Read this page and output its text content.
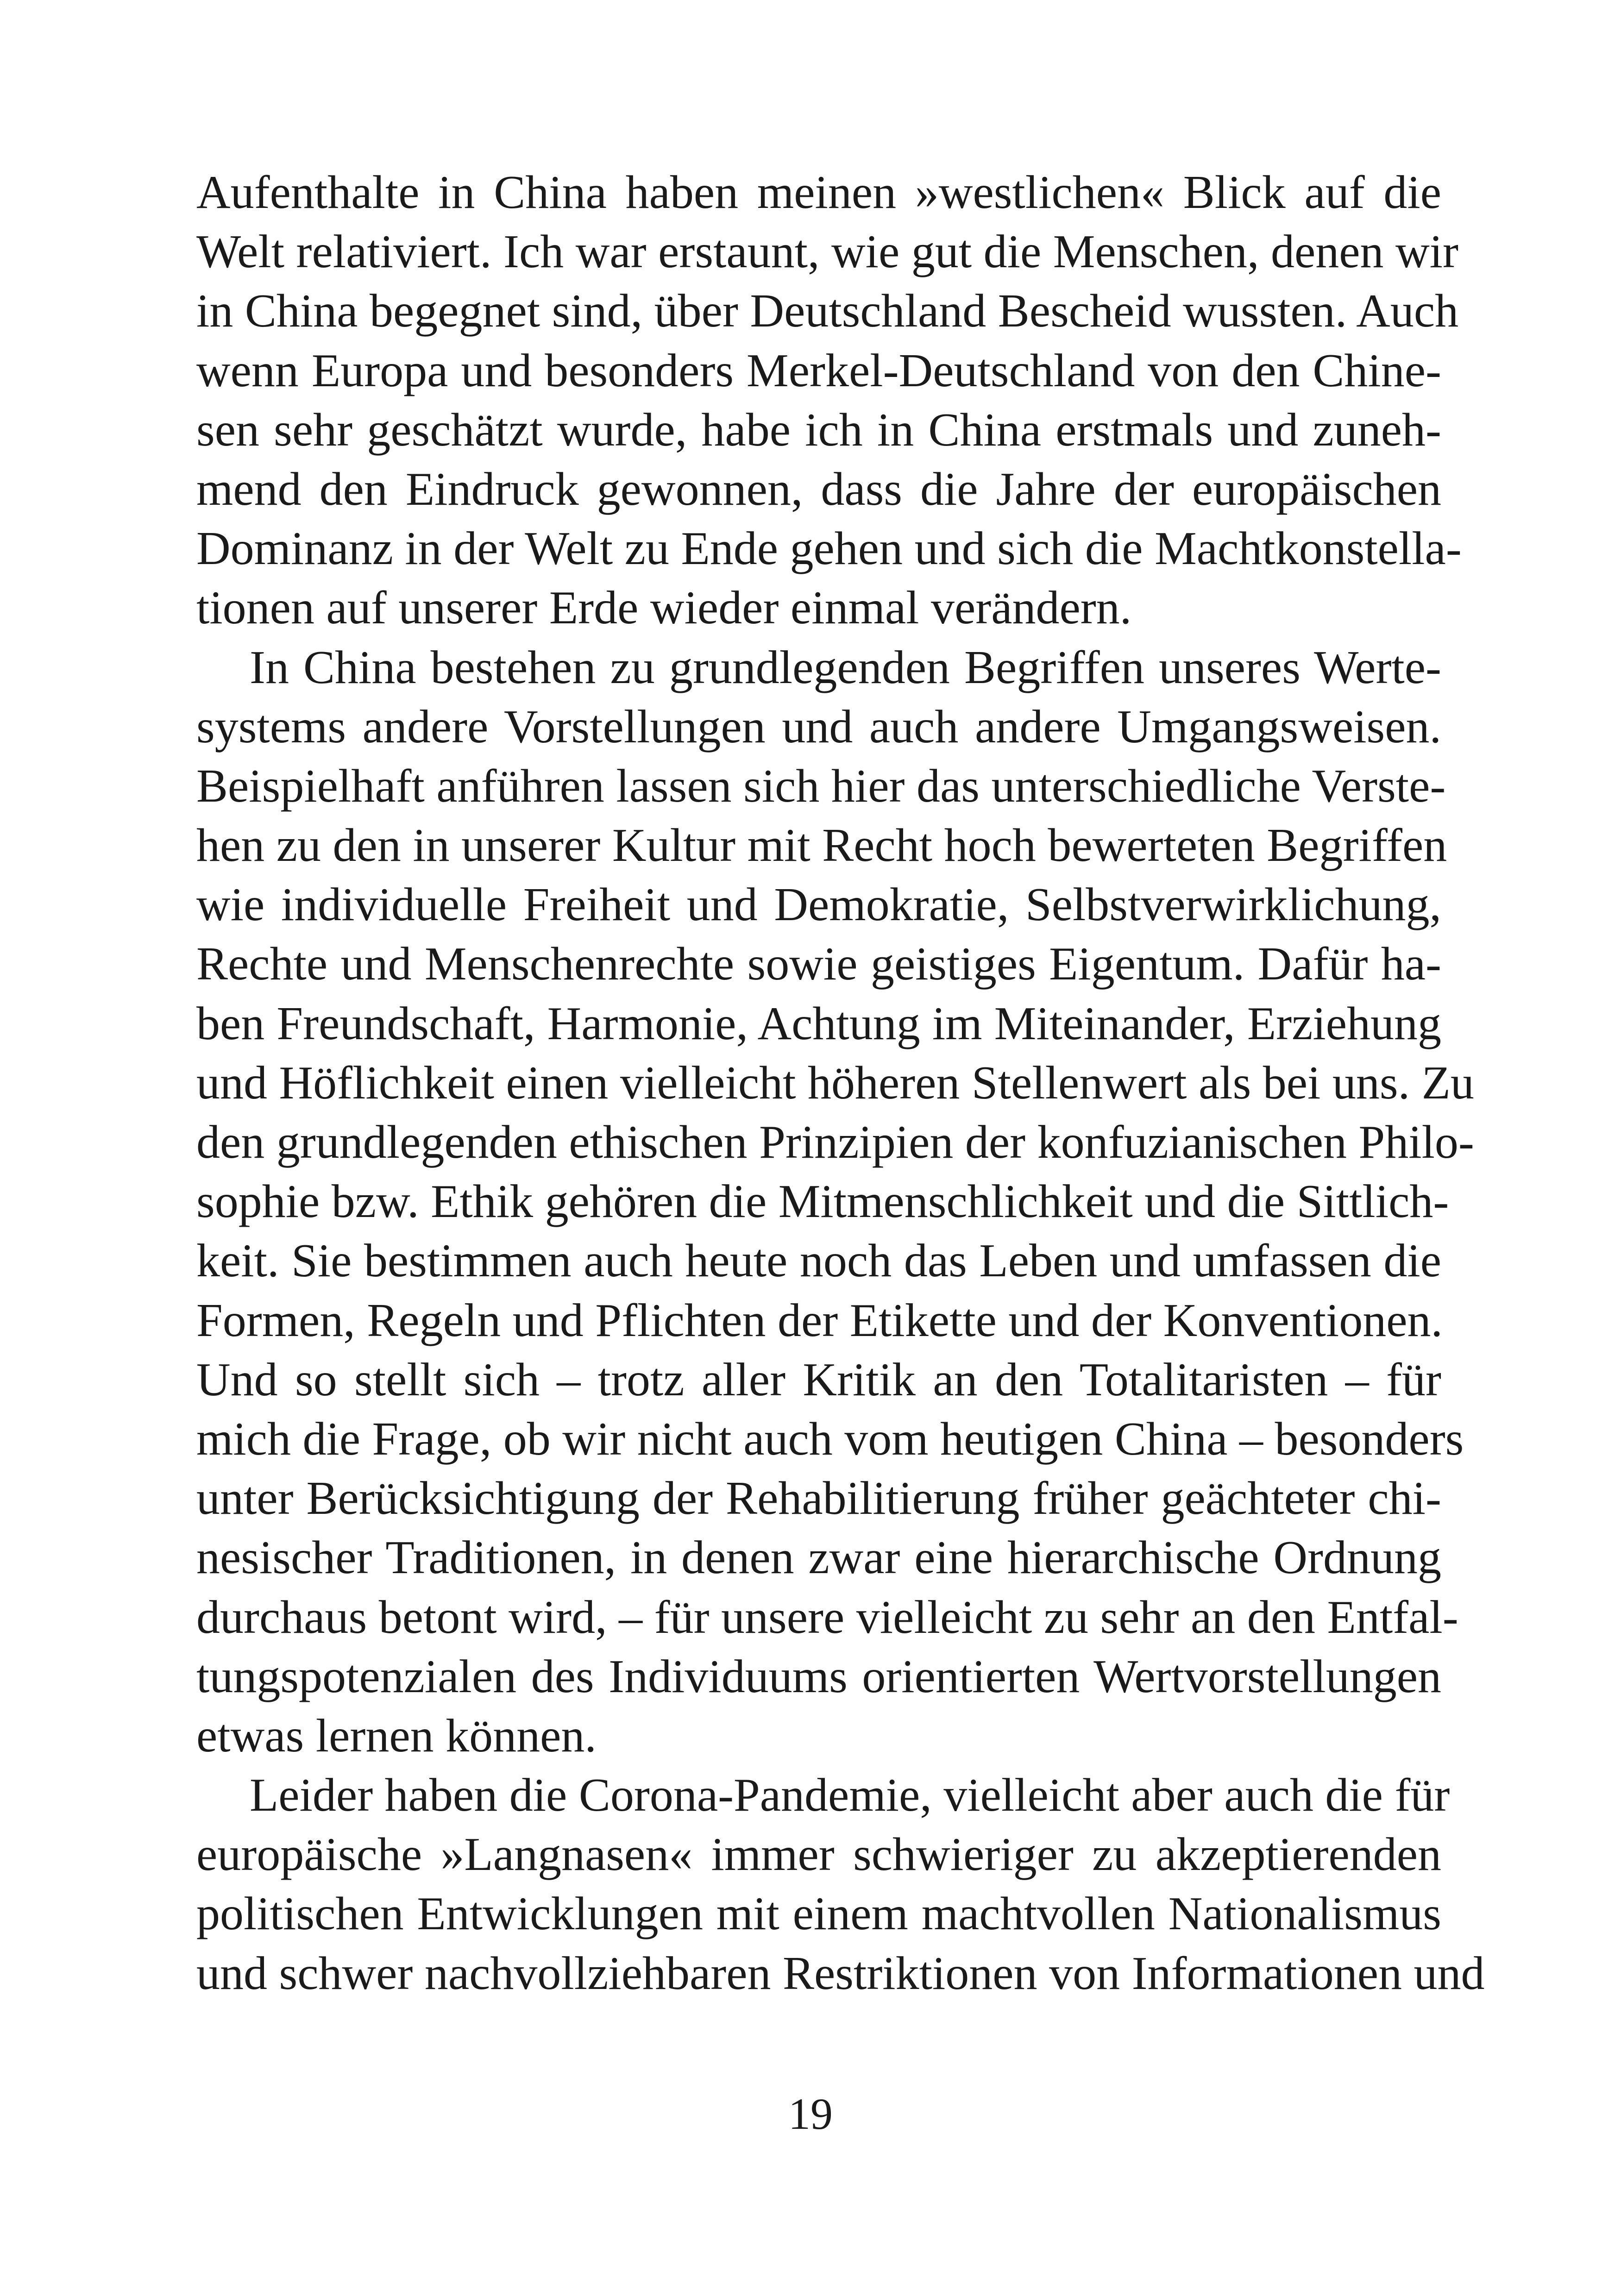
Aufenthalte in China haben meinen »westlichen« Blick auf die
Welt relativiert. Ich war erstaunt, wie gut die Menschen, denen wir
in China begegnet sind, über Deutschland Bescheid wussten. Auch
wenn Europa und besonders Merkel-Deutschland von den Chine-
sen sehr geschätzt wurde, habe ich in China erstmals und zuneh-
mend den Eindruck gewonnen, dass die Jahre der europäischen
Dominanz in der Welt zu Ende gehen und sich die Machtkonstella-
tionen auf unserer Erde wieder einmal verändern.
In China bestehen zu grundlegenden Begriffen unseres Werte-
systems andere Vorstellungen und auch andere Umgangsweisen.
Beispielhaft anführen lassen sich hier das unterschiedliche Verste-
hen zu den in unserer Kultur mit Recht hoch bewerteten Begriffen
wie individuelle Freiheit und Demokratie, Selbstverwirklichung,
Rechte und Menschenrechte sowie geistiges Eigentum. Dafür ha-
ben Freundschaft, Harmonie, Achtung im Miteinander, Erziehung
und Höflichkeit einen vielleicht höheren Stellenwert als bei uns. Zu
den grundlegenden ethischen Prinzipien der konfuzianischen Philo-
sophie bzw. Ethik gehören die Mitmenschlichkeit und die Sittlich-
keit. Sie bestimmen auch heute noch das Leben und umfassen die
Formen, Regeln und Pflichten der Etikette und der Konventionen.
Und so stellt sich – trotz aller Kritik an den Totalitaristen – für
mich die Frage, ob wir nicht auch vom heutigen China – besonders
unter Berücksichtigung der Rehabilitierung früher geächteter chi-
nesischer Traditionen, in denen zwar eine hierarchische Ordnung
durchaus betont wird, – für unsere vielleicht zu sehr an den Entfal-
tungspotenzialen des Individuums orientierten Wertvorstellungen
etwas lernen können.
Leider haben die Corona-Pandemie, vielleicht aber auch die für
europäische »Langnasen« immer schwieriger zu akzeptierenden
politischen Entwicklungen mit einem machtvollen Nationalismus
und schwer nachvollziehbaren Restriktionen von Informationen und
19
